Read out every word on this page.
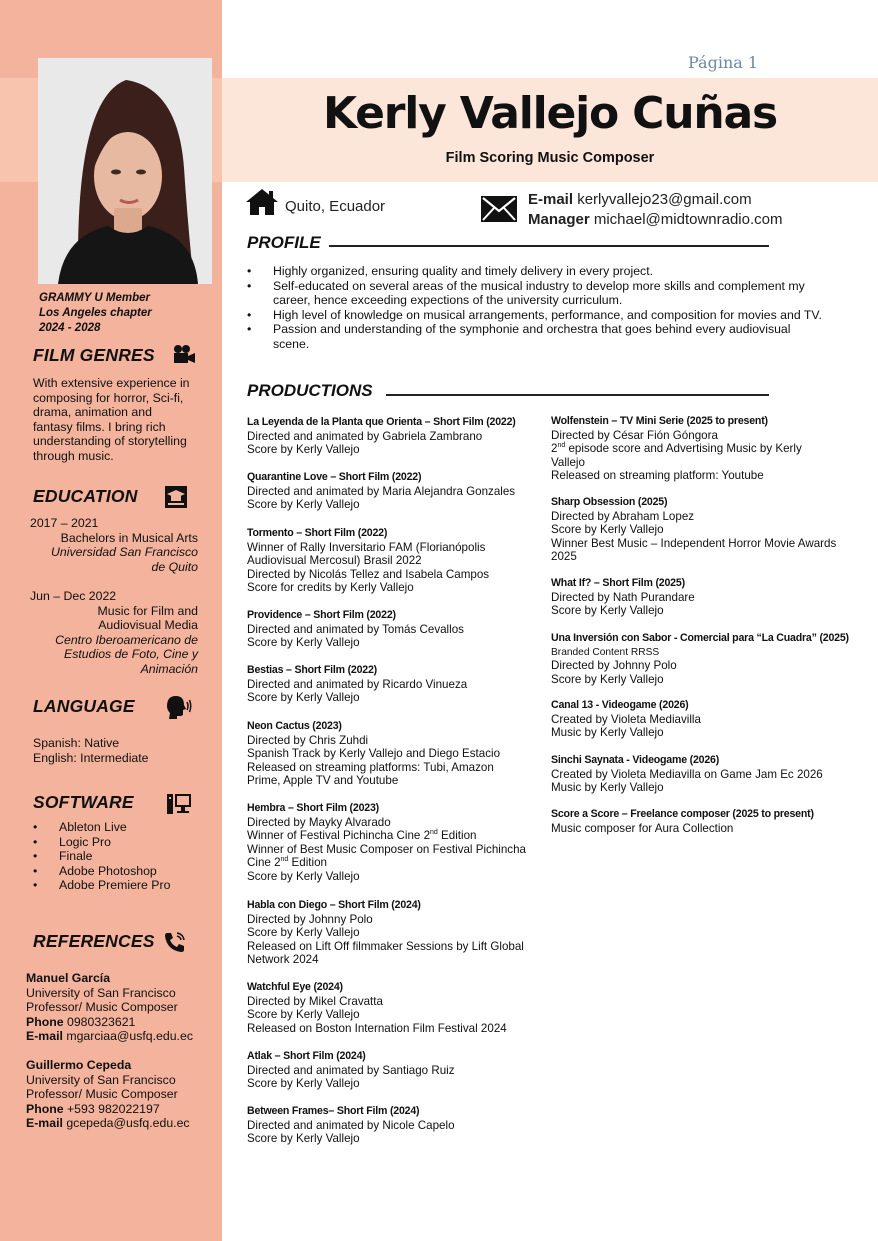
GRAMMY U Member
Los Angeles chapter
2024 - 2028
FILM GENRES
With extensive experience in
composing for horror, Sci-fi,
drama, animation and
fantasy films. I bring rich
understanding of storytelling
through music.
EDUCATION
2017 – 2021
Bachelors in Musical Arts
Universidad San Francisco
de Quito
Jun – Dec 2022
Music for Film and
Audiovisual Media
Centro Iberoamericano de
Estudios de Foto, Cine y
Animación
LANGUAGE
Spanish: Native
English: Intermediate
SOFTWARE
• Ableton Live
• Logic Pro
• Finale
• Adobe Photoshop
• Adobe Premiere Pro
REFERENCES
Manuel García
University of San Francisco
Professor/ Music Composer
Phone 0980323621
E-mail mgarciaa@usfq.edu.ec
Guillermo Cepeda
University of San Francisco
Professor/ Music Composer
Phone +593 982022197
E-mail gcepeda@usfq.edu.ec
Página 1
Kerly Vallejo Cuñas
Film Scoring Music Composer
Quito, Ecuador	E-mail kerlyvallejo23@gmail.com
Manager michael@midtownradio.com
PROFILE
• Highly organized, ensuring quality and timely delivery in every project.
• Self-educated on several areas of the musical industry to develop more skills and complement my career, hence exceeding expections of the university curriculum.
• High level of knowledge on musical arrangements, performance, and composition for movies and TV.
• Passion and understanding of the symphonie and orchestra that goes behind every audiovisual scene.
PRODUCTIONS
La Leyenda de la Planta que Orienta – Short Film (2022)
Directed and animated by Gabriela Zambrano
Score by Kerly Vallejo
Quarantine Love – Short Film (2022)
Directed and animated by Maria Alejandra Gonzales
Score by Kerly Vallejo
Tormento – Short Film (2022)
Winner of Rally Inversitario FAM (Florianópolis
Audiovisual Mercosul) Brasil 2022
Directed by Nicolás Tellez and Isabela Campos
Score for credits by Kerly Vallejo
Providence – Short Film (2022)
Directed and animated by Tomás Cevallos
Score by Kerly Vallejo
Bestias – Short Film (2022)
Directed and animated by Ricardo Vinueza
Score by Kerly Vallejo
Neon Cactus (2023)
Directed by Chris Zuhdi
Spanish Track by Kerly Vallejo and Diego Estacio
Released on streaming platforms: Tubi, Amazon
Prime, Apple TV and Youtube
Hembra – Short Film (2023)
Directed by Mayky Alvarado
Winner of Festival Pichincha Cine 2nd Edition
Winner of Best Music Composer on Festival Pichincha
Cine 2nd Edition
Score by Kerly Vallejo
Habla con Diego – Short Film (2024)
Directed by Johnny Polo
Score by Kerly Vallejo
Released on Lift Off filmmaker Sessions by Lift Global
Network 2024
Watchful Eye (2024)
Directed by Mikel Cravatta
Score by Kerly Vallejo
Released on Boston Internation Film Festival 2024
Atlak – Short Film (2024)
Directed and animated by Santiago Ruiz
Score by Kerly Vallejo
Between Frames– Short Film (2024)
Directed and animated by Nicole Capelo
Score by Kerly Vallejo
Wolfenstein – TV Mini Serie (2025 to present)
Directed by César Fión Góngora
2nd episode score and Advertising Music by Kerly
Vallejo
Released on streaming platform: Youtube
Sharp Obsession (2025)
Directed by Abraham Lopez
Score by Kerly Vallejo
Winner Best Music – Independent Horror Movie Awards
2025
What If? – Short Film (2025)
Directed by Nath Purandare
Score by Kerly Vallejo
Una Inversión con Sabor - Comercial para “La Cuadra” (2025)
Branded Content RRSS
Directed by Johnny Polo
Score by Kerly Vallejo
Canal 13 - Videogame (2026)
Created by Violeta Mediavilla
Music by Kerly Vallejo
Sinchi Saynata - Videogame (2026)
Created by Violeta Mediavilla on Game Jam Ec 2026
Music by Kerly Vallejo
Score a Score – Freelance composer (2025 to present)
Music composer for Aura Collection
